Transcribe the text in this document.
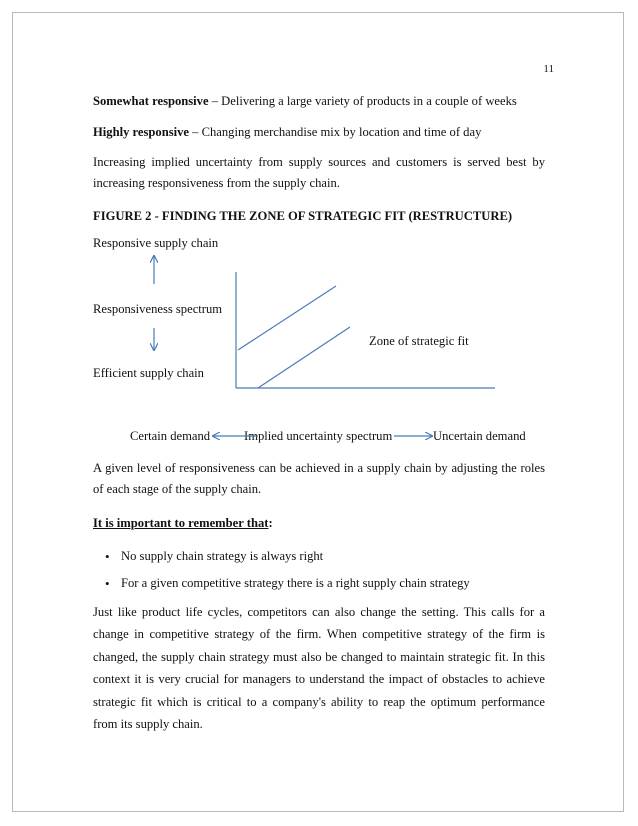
11

Somewhat responsive – Delivering a large variety of products in a couple of weeks

Highly responsive – Changing merchandise mix by location and time of day

Increasing implied uncertainty from supply sources and customers is served best by increasing responsiveness from the supply chain.

FIGURE 2 - FINDING THE ZONE OF STRATEGIC FIT (RESTRUCTURE)

Responsive supply chain
Responsiveness spectrum
Zone of strategic fit
Efficient supply chain
Certain demand	Implied uncertainty spectrum	Uncertain demand

A given level of responsiveness can be achieved in a supply chain by adjusting the roles of each stage of the supply chain.

It is important to remember that:

• No supply chain strategy is always right
• For a given competitive strategy there is a right supply chain strategy

Just like product life cycles, competitors can also change the setting. This calls for a change in competitive strategy of the firm. When competitive strategy of the firm is changed, the supply chain strategy must also be changed to maintain strategic fit. In this context it is very crucial for managers to understand the impact of obstacles to achieve strategic fit which is critical to a company's ability to reap the optimum performance from its supply chain.
